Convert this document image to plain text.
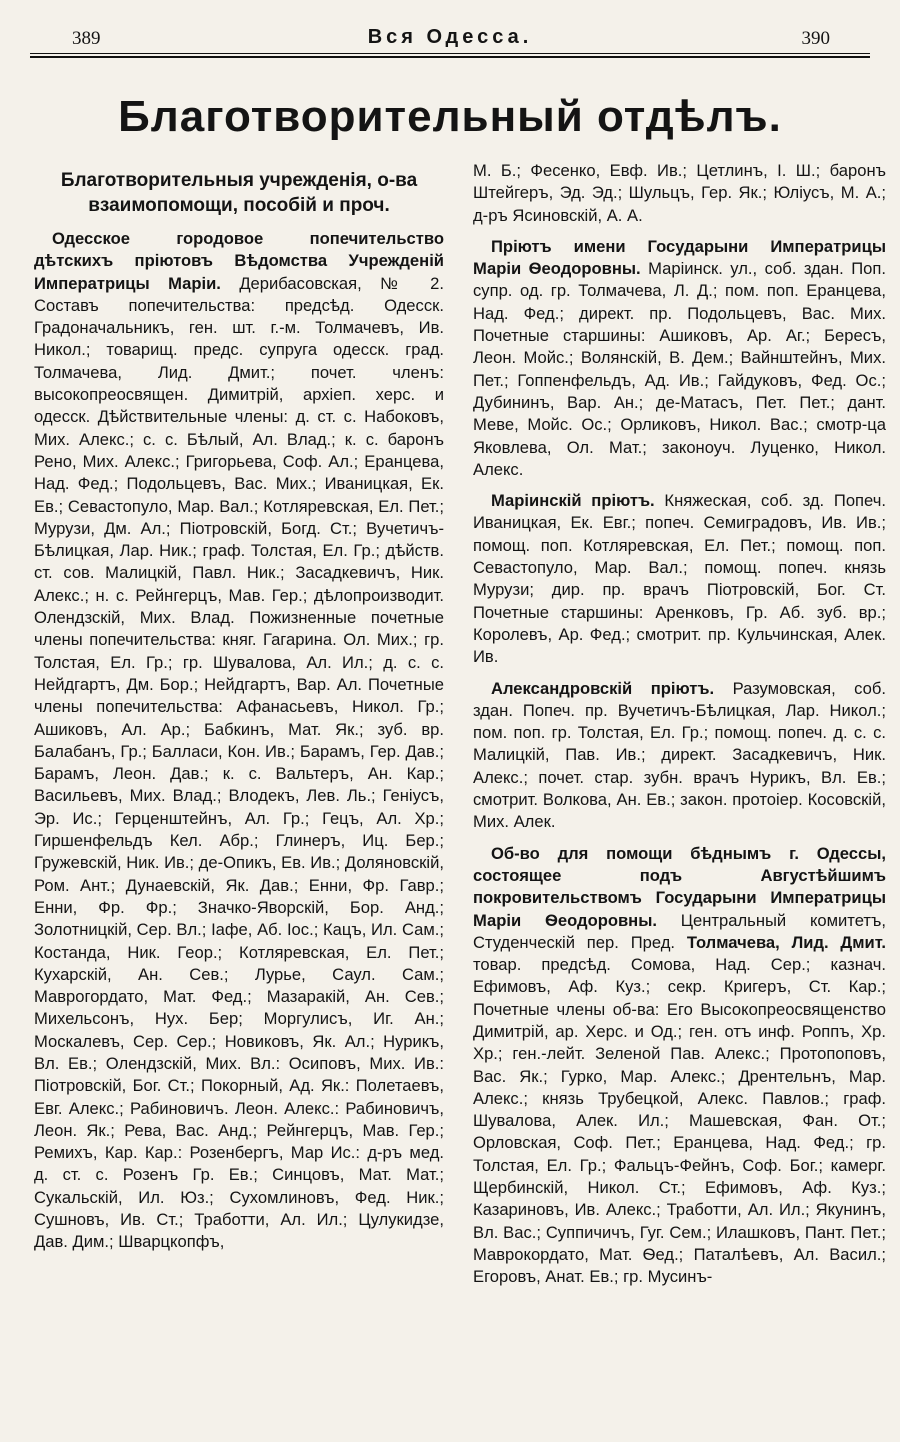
389	Вся Одесса.	390
Благотворительный отдѣлъ.
Благотворительныя учрежденія, о-ва взаимопомощи, пособій и проч.

Одесское городовое попечительство дѣтскихъ пріютовъ Вѣдомства Учрежденій Императрицы Маріи. Дерибасовская, № 2. Составъ попечительства: предсѣд. Одесск. Градоначальникъ, ген. шт. г.-м. Толмачевъ, Ив. Никол.; товарищ. предс. супруга одесск. град. Толмачева, Лид. Дмит.; почет. членъ: высокопреосвящен. Димитрій, архіеп. херс. и одесск. Дѣйствительные члены: д. ст. с. Набоковъ, Мих. Алекс.; с. с. Бѣлый, Ал. Влад.; к. с. баронъ Рено, Мих. Алекс.; Григорьева, Соф. Ал.; Еранцева, Над. Фед.; Подольцевъ, Вас. Мих.; Иваницкая, Ек. Ев.; Севастопуло, Мар. Вал.; Котляревская, Ел. Пет.; Мурузи, Дм. Ал.; Піотровскій, Богд. Ст.; Вучетичъ-Бѣлицкая, Лар. Ник.; граф. Толстая, Ел. Гр.; дѣйств. ст. сов. Малицкій, Павл. Ник.; Засадкевичъ, Ник. Алекс.; н. с. Рейнгерцъ, Мав. Гер.; дѣлопроизводит. Олендзскій, Мих. Влад. Пожизненные почетные члены попечительства: княг. Гагарина. Ол. Мих.; гр. Толстая, Ел. Гр.; гр. Шувалова, Ал. Ил.; д. с. с. Нейдгартъ, Дм. Бор.; Нейдгартъ, Вар. Ал. Почетные члены попечительства: Афанасьевъ, Никол. Гр.; Ашиковъ, Ал. Ар.; Бабкинъ, Мат. Як.; зуб. вр. Балабанъ, Гр.; Балласи, Кон. Ив.; Барамъ, Гер. Дав.; Барамъ, Леон. Дав.; к. с. Вальтеръ, Ан. Кар.; Васильевъ, Мих. Влад.; Влодекъ, Лев. Ль.; Геніусъ, Эр. Ис.; Герценштейнъ, Ал. Гр.; Гецъ, Ал. Хр.; Гиршенфельдъ Кел. Абр.; Глинеръ, Иц. Бер.; Гружевскій, Ник. Ив.; де-Опикъ, Ев. Ив.; Доляновскій, Ром. Ант.; Дунаевскій, Як. Дав.; Енни, Фр. Гавр.; Енни, Фр. Фр.; Значко-Яворскій, Бор. Анд.; Золотницкій, Сер. Вл.; Іафе, Аб. Іос.; Кацъ, Ил. Сам.; Костанда, Ник. Геор.; Котляревская, Ел. Пет.; Кухарскій, Ан. Сев.; Лурье, Саул. Сам.; Маврогордато, Мат. Фед.; Мазаракій, Ан. Сев.; Михельсонъ, Нух. Бер; Моргулисъ, Иг. Ан.; Москалевъ, Сер. Сер.; Новиковъ, Як. Ал.; Нурикъ, Вл. Ев.; Олендзскій, Мих. Вл.: Осиповъ, Мих. Ив.: Піотровскій, Бог. Ст.; Покорный, Ад. Як.: Полетаевъ, Евг. Алекс.; Рабиновичъ. Леон. Алекс.: Рабиновичъ, Леон. Як.; Рева, Вас. Анд.; Рейнгерцъ, Мав. Гер.; Ремихъ, Кар. Кар.: Розенбергъ, Мар Ис.: д-ръ мед. д. ст. с. Розенъ Гр. Ев.; Синцовъ, Мат. Мат.; Сукальскій, Ил. Юз.; Сухомлиновъ, Фед. Ник.; Сушновъ, Ив. Ст.; Тработти, Ал. Ил.; Цулукидзе, Дав. Дим.; Шварцкопфъ,

М. Б.; Фесенко, Евф. Ив.; Цетлинъ, І. Ш.; баронъ Штейгеръ, Эд. Эд.; Шульцъ, Гер. Як.; Юліусъ, М. А.; д-ръ Ясиновскій, А. А.

Пріютъ имени Государыни Императрицы Маріи Ѳеодоровны. Маріинск. ул., соб. здан. Поп. супр. од. гр. Толмачева, Л. Д.; пом. поп. Еранцева, Над. Фед.; директ. пр. Подольцевъ, Вас. Мих. Почетные старшины: Ашиковъ, Ар. Аг.; Бересъ, Леон. Мойс.; Волянскій, В. Дем.; Вайнштейнъ, Мих. Пет.; Гоппенфельдъ, Ад. Ив.; Гайдуковъ, Фед. Ос.; Дубининъ, Вар. Ан.; де-Матасъ, Пет. Пет.; дант. Меве, Мойс. Ос.; Орликовъ, Никол. Вас.; смотр-ца Яковлева, Ол. Мат.; законоуч. Луценко, Никол. Алекс.

Маріинскій пріютъ. Княжеская, соб. зд. Попеч. Иваницкая, Ек. Евг.; попеч. Семиградовъ, Ив. Ив.; помощ. поп. Котляревская, Ел. Пет.; помощ. поп. Севастопуло, Мар. Вал.; помощ. попеч. князь Мурузи; дир. пр. врачъ Піотровскій, Бог. Ст. Почетные старшины: Аренковъ, Гр. Аб. зуб. вр.; Королевъ, Ар. Фед.; смотрит. пр. Кульчинская, Алек. Ив.

Александровскій пріютъ. Разумовская, соб. здан. Попеч. пр. Вучетичъ-Бѣлицкая, Лар. Никол.; пом. поп. гр. Толстая, Ел. Гр.; помощ. попеч. д. с. с. Малицкій, Пав. Ив.; директ. Засадкевичъ, Ник. Алекс.; почет. стар. зубн. врачъ Нурикъ, Вл. Ев.; смотрит. Волкова, Ан. Ев.; закон. протоіер. Косовскій, Мих. Алек.

Об-во для помощи бѣднымъ г. Одессы, состоящее подъ Августѣйшимъ покровительствомъ Государыни Императрицы Маріи Ѳеодоровны. Центральный комитетъ, Студенческій пер. Пред. Толмачева, Лид. Дмит. товар. предсѣд. Сомова, Над. Сер.; казнач. Ефимовъ, Аф. Куз.; секр. Кригеръ, Ст. Кар.; Почетные члены об-ва: Его Высокопреосвященство Димитрій, ар. Херс. и Од.; ген. отъ инф. Роппъ, Хр. Хр.; ген.-лейт. Зеленой Пав. Алекс.; Протопоповъ, Вас. Як.; Гурко, Мар. Алекс.; Дрентельнъ, Мар. Алекс.; князь Трубецкой, Алекс. Павлов.; граф. Шувалова, Алек. Ил.; Машевская, Фан. От.; Орловская, Соф. Пет.; Еранцева, Над. Фед.; гр. Толстая, Ел. Гр.; Фальцъ-Фейнъ, Соф. Бог.; камерг. Щербинскій, Никол. Ст.; Ефимовъ, Аф. Куз.; Казариновъ, Ив. Алекс.; Тработти, Ал. Ил.; Якунинъ, Вл. Вас.; Суппичичъ, Гуг. Сем.; Илашковъ, Пант. Пет.; Маврокордато, Мат. Ѳед.; Паталѣевъ, Ал. Васил.; Егоровъ, Анат. Ев.; гр. Мусинъ-
